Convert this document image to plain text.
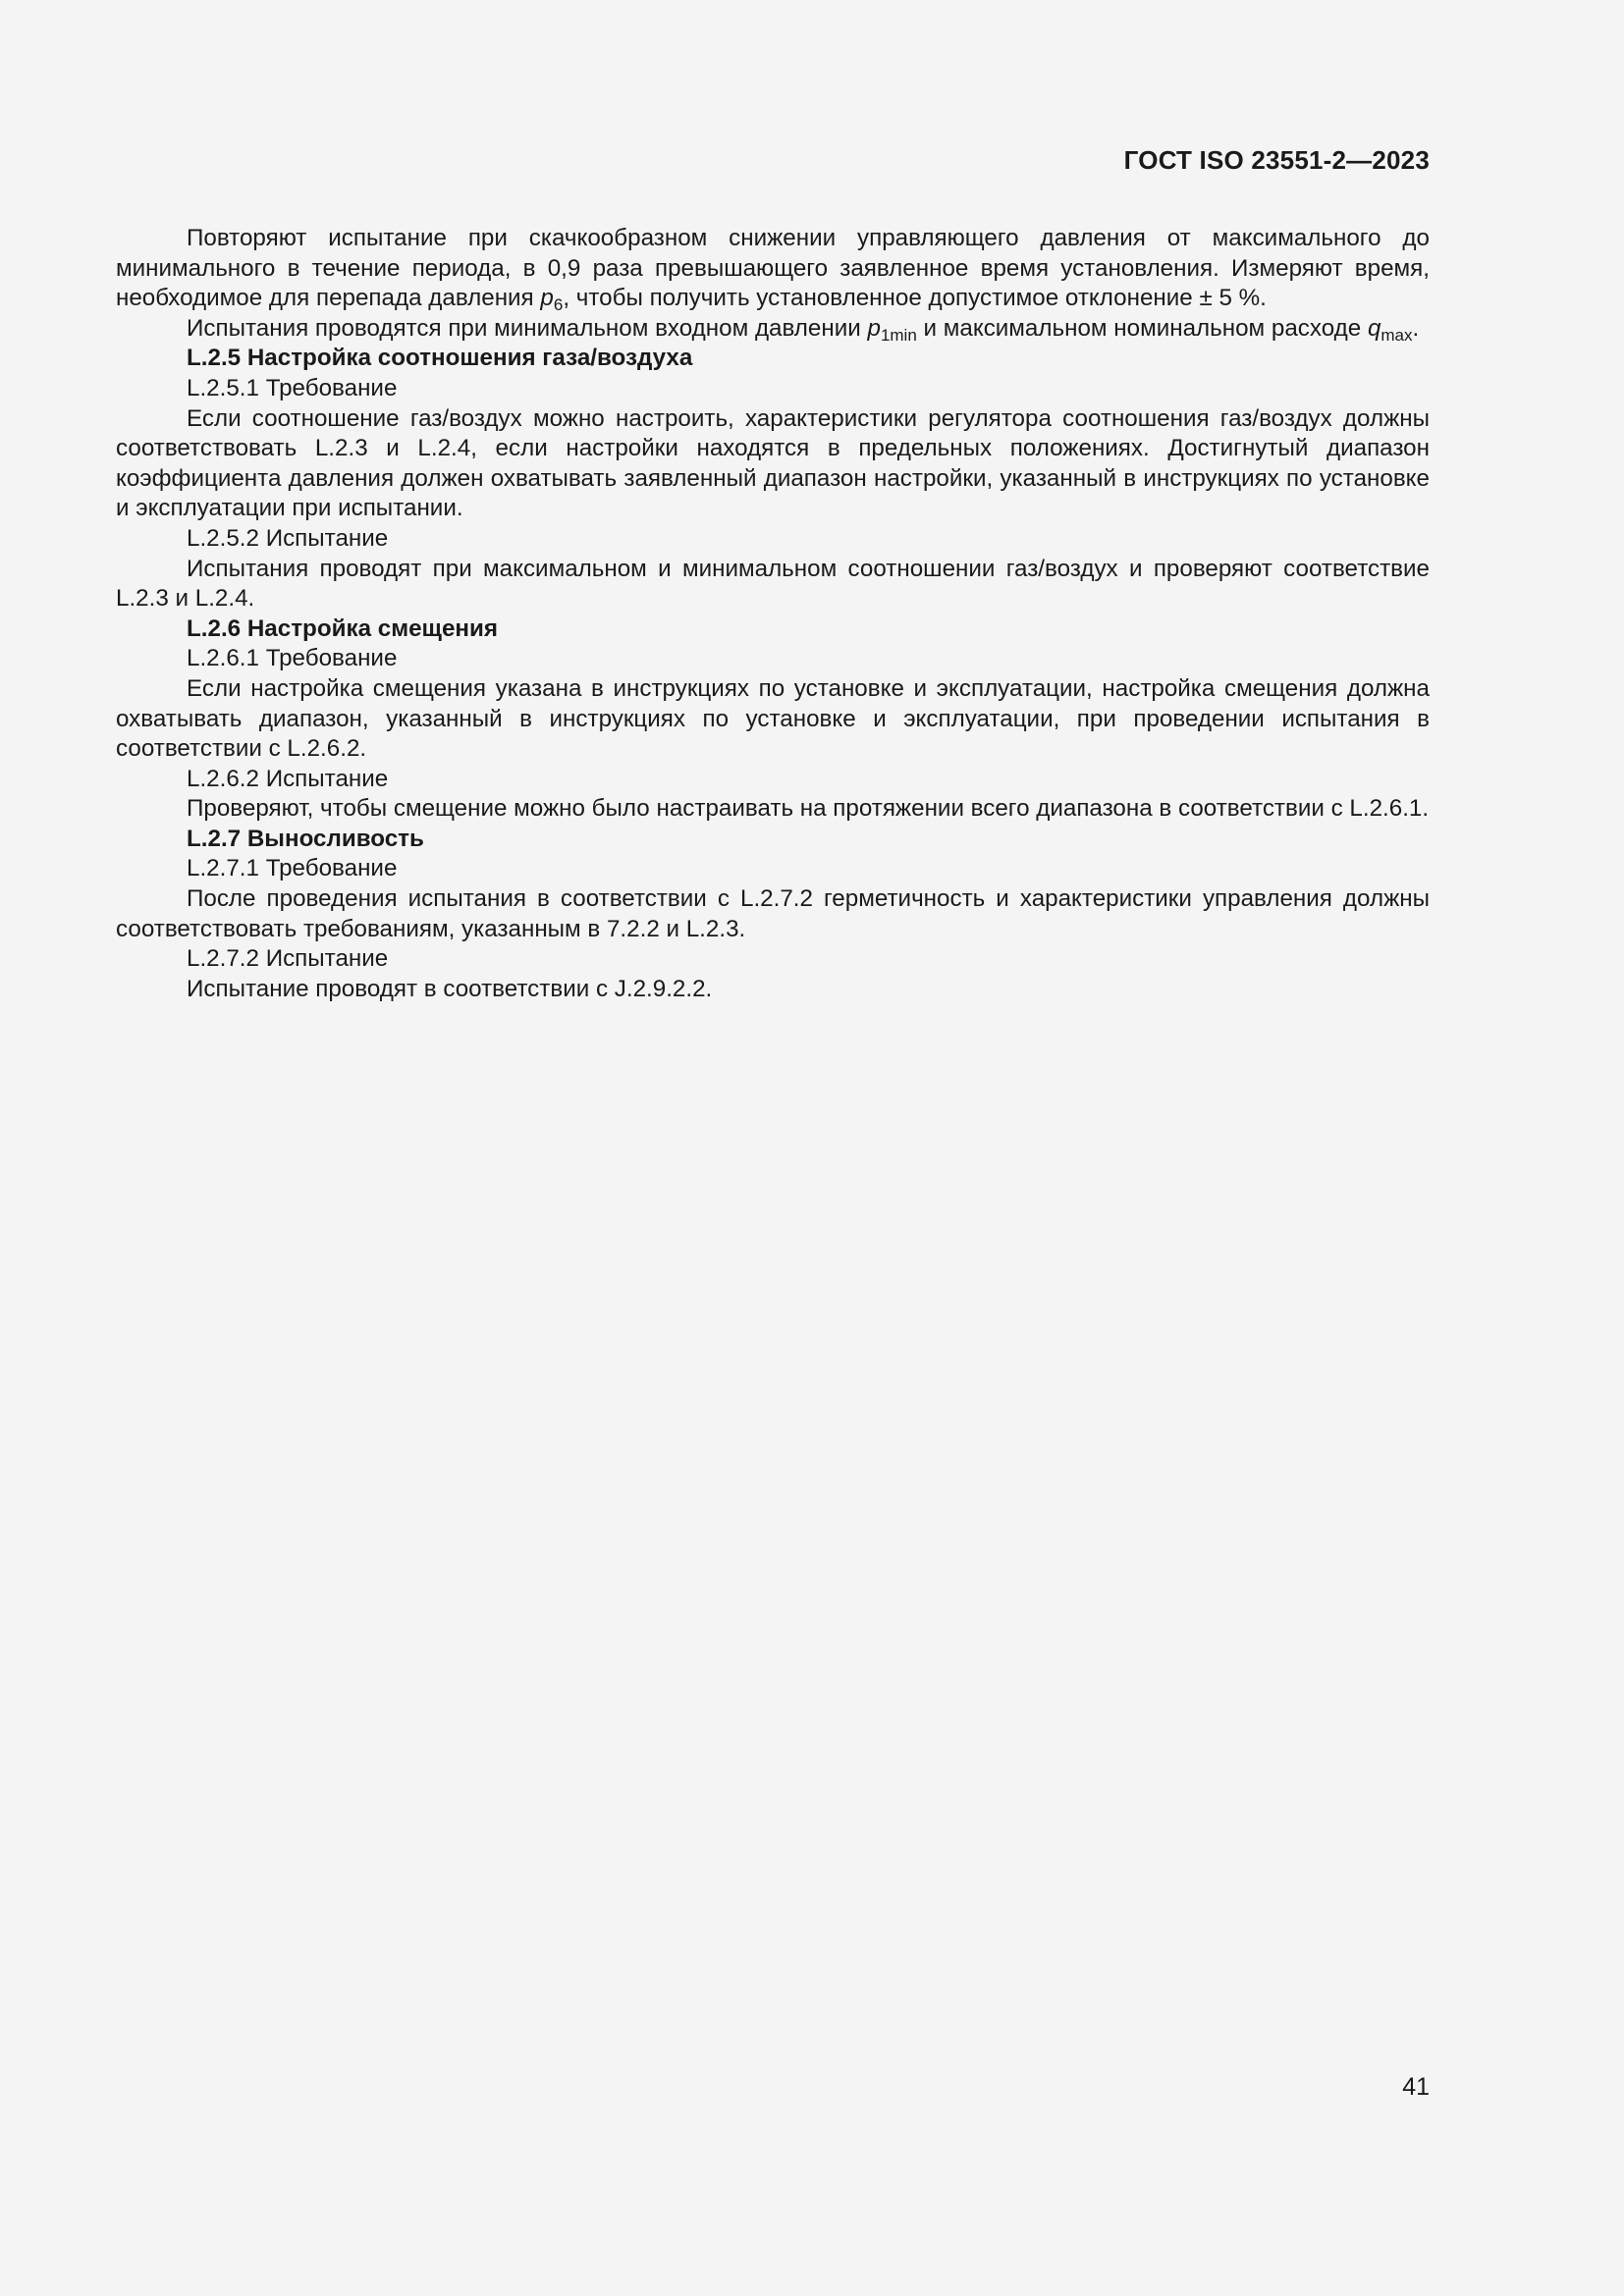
ГОСТ ISO 23551-2—2023

Повторяют испытание при скачкообразном снижении управляющего давления от максимального до минимального в течение периода, в 0,9 раза превышающего заявленное время установления. Измеряют время, необходимое для перепада давления $p_6$, чтобы получить установленное допустимое отклонение ± 5 %.

Испытания проводятся при минимальном входном давлении $p_{1min}$ и максимальном номинальном расходе $q_{max}$.

L.2.5 Настройка соотношения газа/воздуха

L.2.5.1 Требование

Если соотношение газ/воздух можно настроить, характеристики регулятора соотношения газ/воздух должны соответствовать L.2.3 и L.2.4, если настройки находятся в предельных положениях. Достигнутый диапазон коэффициента давления должен охватывать заявленный диапазон настройки, указанный в инструкциях по установке и эксплуатации при испытании.

L.2.5.2 Испытание

Испытания проводят при максимальном и минимальном соотношении газ/воздух и проверяют соответствие L.2.3 и L.2.4.

L.2.6 Настройка смещения

L.2.6.1 Требование

Если настройка смещения указана в инструкциях по установке и эксплуатации, настройка смещения должна охватывать диапазон, указанный в инструкциях по установке и эксплуатации, при проведении испытания в соответствии с L.2.6.2.

L.2.6.2 Испытание

Проверяют, чтобы смещение можно было настраивать на протяжении всего диапазона в соответствии с L.2.6.1.

L.2.7 Выносливость

L.2.7.1 Требование

После проведения испытания в соответствии с L.2.7.2 герметичность и характеристики управления должны соответствовать требованиям, указанным в 7.2.2 и L.2.3.

L.2.7.2 Испытание

Испытание проводят в соответствии с J.2.9.2.2.

41
